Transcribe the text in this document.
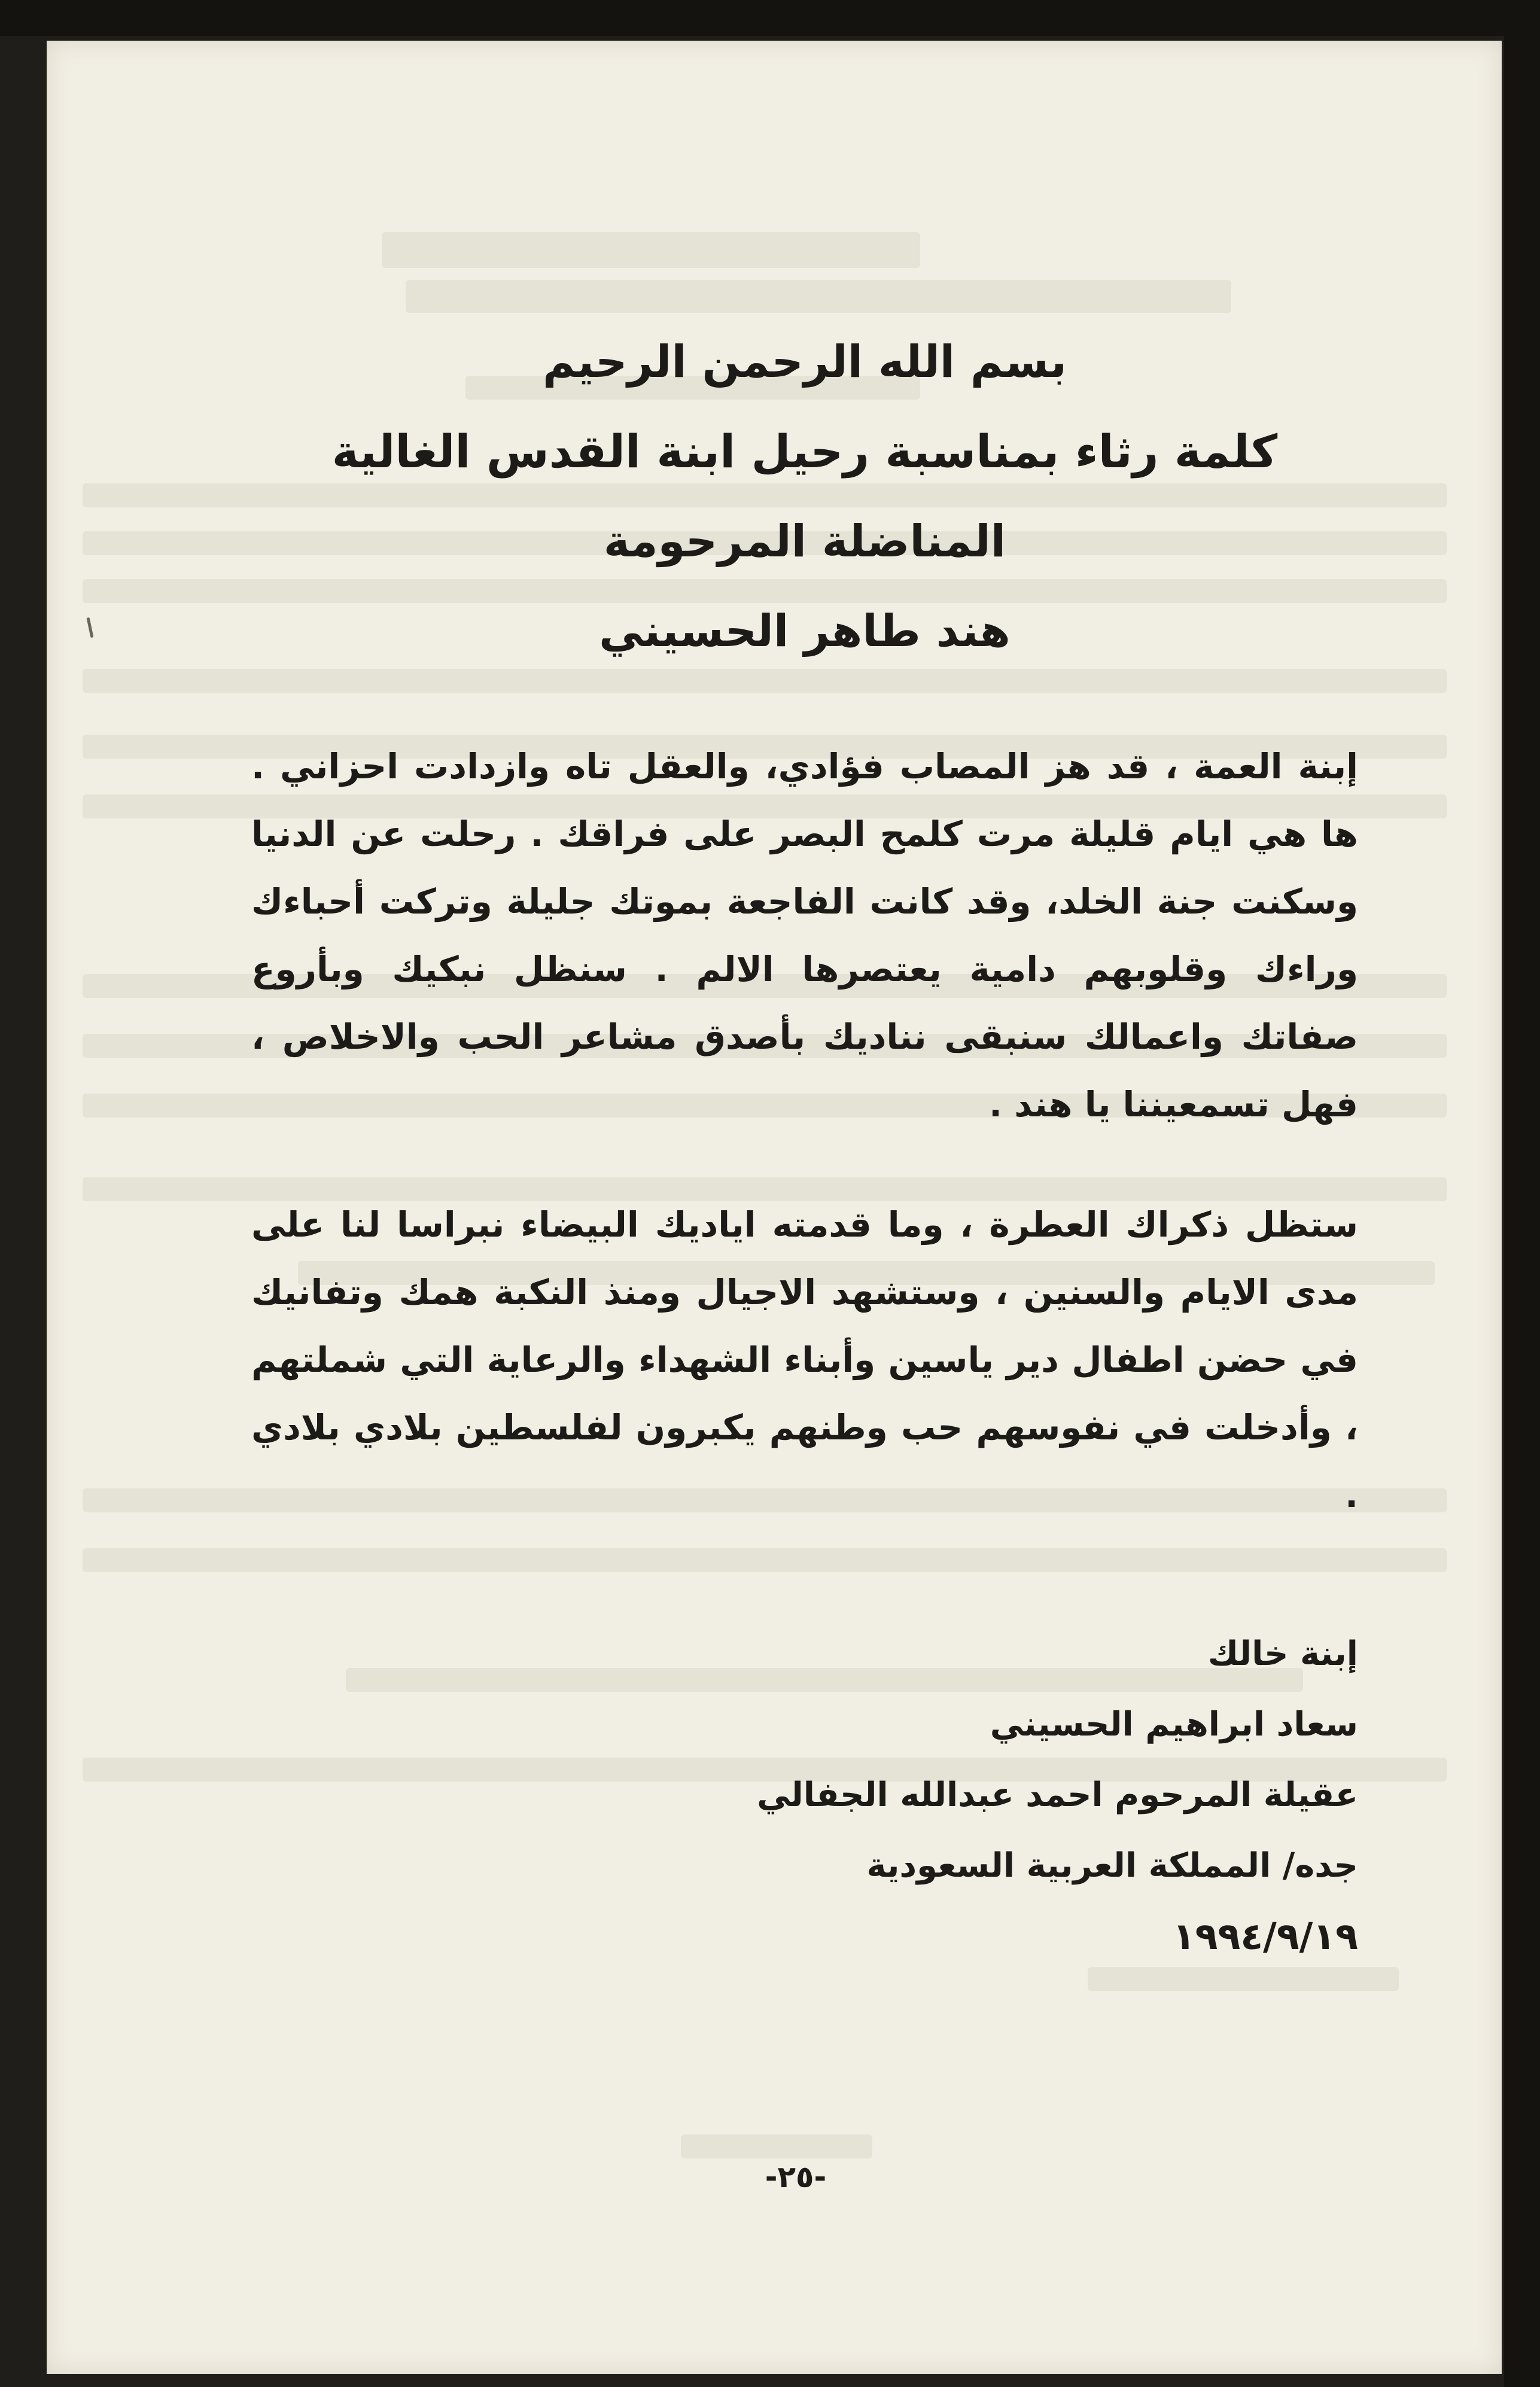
بسم الله الرحمن الرحيم

كلمة رثاء بمناسبة رحيل ابنة القدس الغالية

المناضلة المرحومة

هند طاهر الحسيني

إبنة العمة ، قد هز المصاب فؤادي، والعقل تاه وازدادت احزاني . ها هي ايام قليلة مرت كلمح البصر على فراقك . رحلت عن الدنيا وسكنت جنة الخلد، وقد كانت الفاجعة بموتك جليلة وتركت أحباءك وراءك وقلوبهم دامية يعتصرها الالم . سنظل نبكيك وبأروع صفاتك واعمالك سنبقى نناديك بأصدق مشاعر الحب والاخلاص ، فهل تسمعيننا يا هند .

ستظل ذكراك العطرة ، وما قدمته اياديك البيضاء نبراسا لنا على مدى الايام والسنين ، وستشهد الاجيال ومنذ النكبة همك وتفانيك في حضن اطفال دير ياسين وأبناء الشهداء والرعاية التي شملتهم ، وأدخلت في نفوسهم حب وطنهم يكبرون لفلسطين بلادي بلادي .

إبنة خالك
سعاد ابراهيم الحسيني
عقيلة المرحوم احمد عبدالله الجفالي
جده/ المملكة العربية السعودية
١٩٩٤/٩/١٩
-٢٥-
